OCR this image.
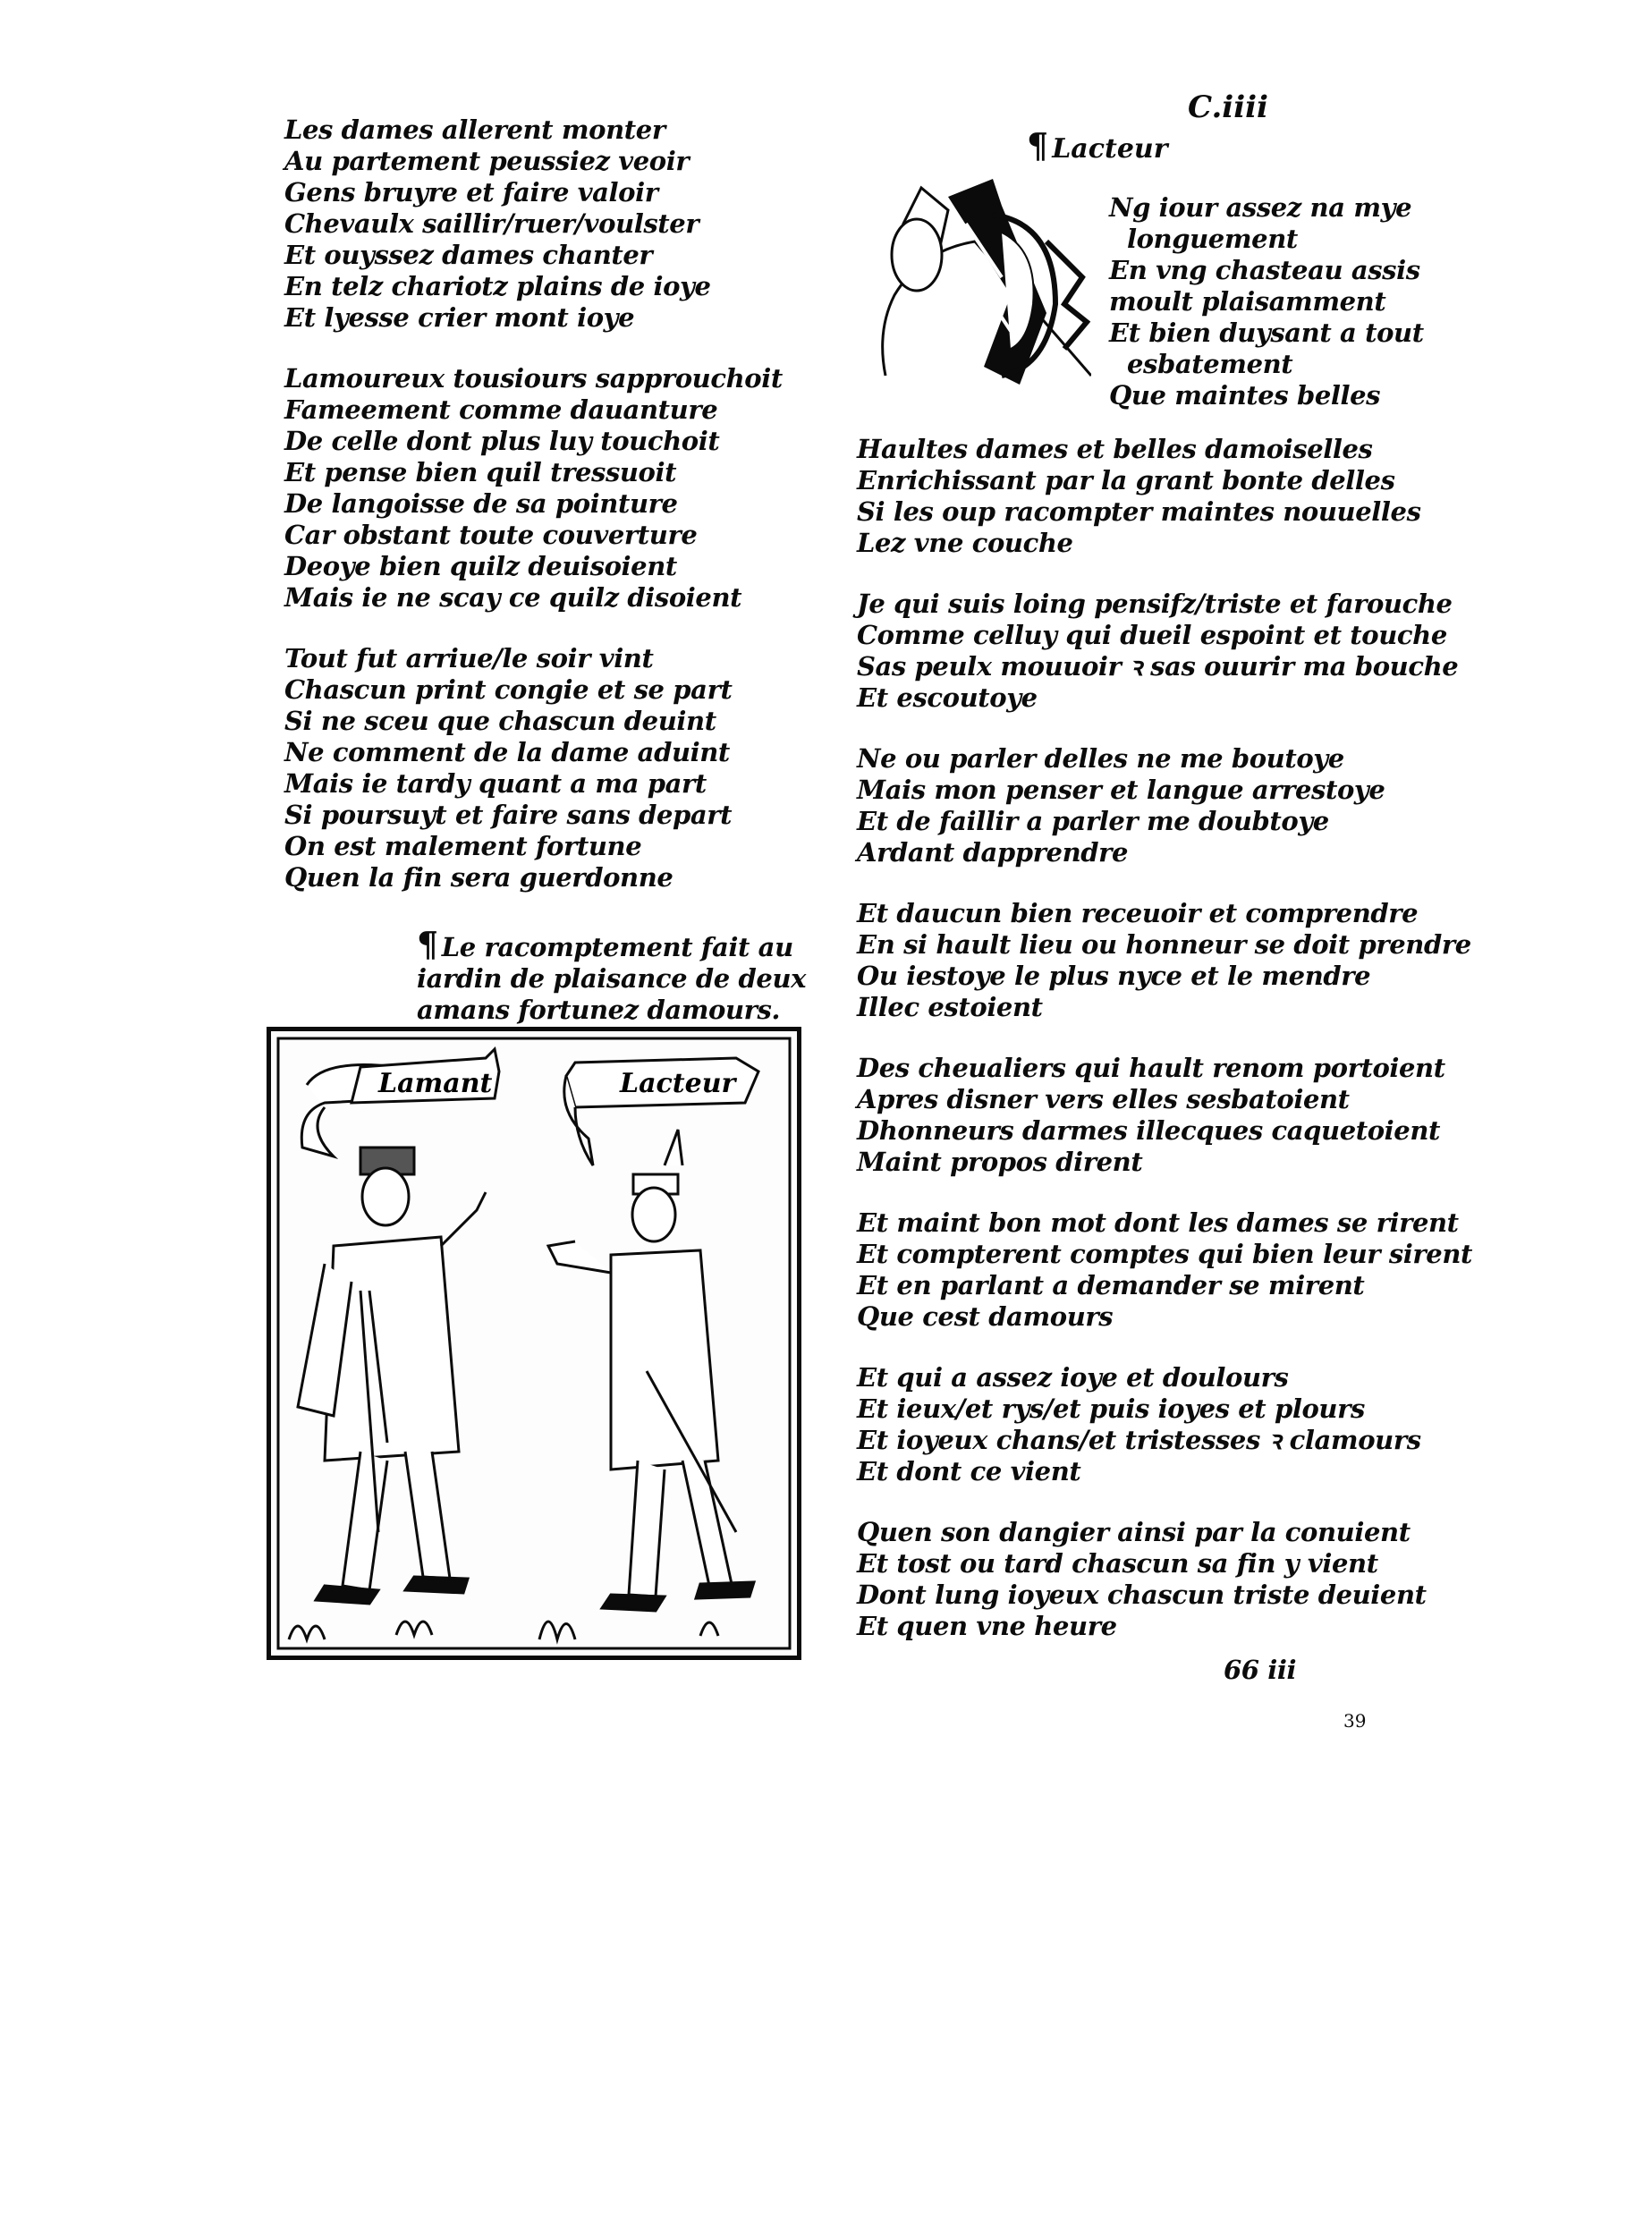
Les dames allerent monter
Au partement peussiez veoir
Gens bruyre et faire valoir
Chevaulx saillir/ruer/voulster
Et ouyssez dames chanter
En telz chariotz plains de ioye
Et lyesse crier mont ioye
Lamoureux tousiours sapprouchoit
Fameement comme dauanture
De celle dont plus luy touchoit
Et pense bien quil tressuoit
De langoisse de sa pointure
Car obstant toute couverture
Deoye bien quilz deuisoient
Mais ie ne scay ce quilz disoient
Tout fut arriue/le soir vint
Chascun print congie et se part
Si ne sceu que chascun deuint
Ne comment de la dame aduint
Mais ie tardy quant a ma part
Si poursuyt et faire sans depart
On est malement fortune
Quen la fin sera guerdonne
¶ Le racomptement fait au
iardin de plaisance de deux
amans fortunez damours.
Lamant	Lacteur
C.iiii
¶ Lacteur
Ng iour assez na mye
longuement
En vng chasteau assis
moult plaisamment
Et bien duysant a tout
esbatement
Que maintes belles
Haultes dames et belles damoiselles
Enrichissant par la grant bonte delles
Si les oup racompter maintes nouuelles
Lez vne couche
Je qui suis loing pensifz/triste et farouche
Comme celluy qui dueil espoint et touche
Sas peulx mouuoir ꝛ sas ouurir ma bouche
Et escoutoye
Ne ou parler delles ne me boutoye
Mais mon penser et langue arrestoye
Et de faillir a parler me doubtoye
Ardant dapprendre
Et daucun bien receuoir et comprendre
En si hault lieu ou honneur se doit prendre
Ou iestoye le plus nyce et le mendre
Illec estoient
Des cheualiers qui hault renom portoient
Apres disner vers elles sesbatoient
Dhonneurs darmes illecques caquetoient
Maint propos dirent
Et maint bon mot dont les dames se rirent
Et compterent comptes qui bien leur sirent
Et en parlant a demander se mirent
Que cest damours
Et qui a assez ioye et doulours
Et ieux/et rys/et puis ioyes et plours
Et ioyeux chans/et tristesses ꝛ clamours
Et dont ce vient
Quen son dangier ainsi par la conuient
Et tost ou tard chascun sa fin y vient
Dont lung ioyeux chascun triste deuient
Et quen vne heure
66 iii
39
